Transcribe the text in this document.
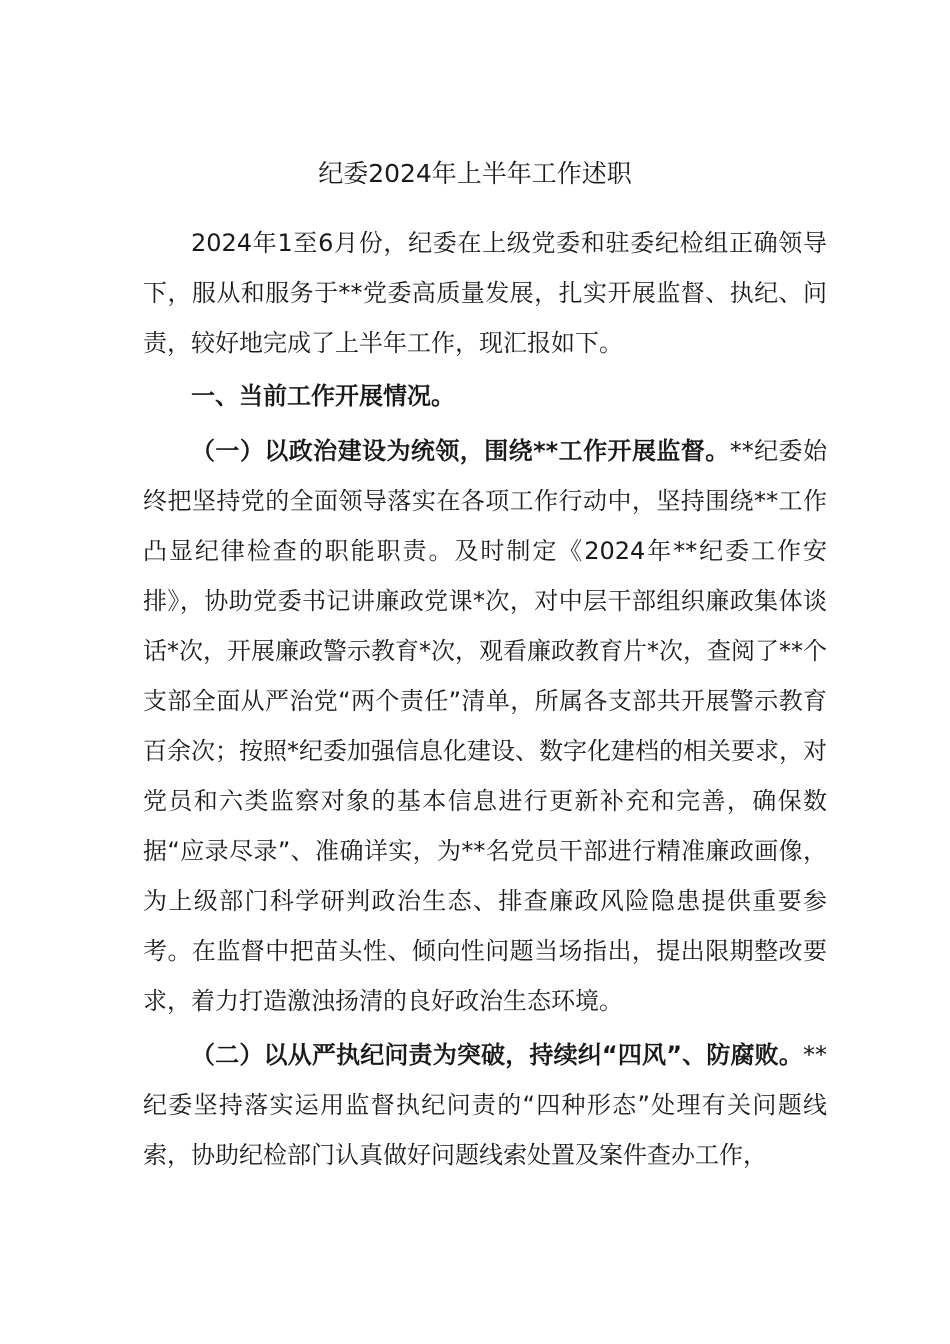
纪委2024年上半年工作述职

2024年1至6月份，纪委在上级党委和驻委纪检组正确领导下，服从和服务于**党委高质量发展，扎实开展监督、执纪、问责，较好地完成了上半年工作，现汇报如下。

一、当前工作开展情况。

（一）以政治建设为统领，围绕**工作开展监督。**纪委始终把坚持党的全面领导落实在各项工作行动中，坚持围绕**工作凸显纪律检查的职能职责。及时制定《2024年**纪委工作安排》，协助党委书记讲廉政党课*次，对中层干部组织廉政集体谈话*次，开展廉政警示教育*次，观看廉政教育片*次，查阅了**个支部全面从严治党“两个责任”清单，所属各支部共开展警示教育百余次；按照*纪委加强信息化建设、数字化建档的相关要求，对党员和六类监察对象的基本信息进行更新补充和完善，确保数据“应录尽录”、准确详实，为**名党员干部进行精准廉政画像，为上级部门科学研判政治生态、排查廉政风险隐患提供重要参考。在监督中把苗头性、倾向性问题当场指出，提出限期整改要求，着力打造激浊扬清的良好政治生态环境。

（二）以从严执纪问责为突破，持续纠“四风”、防腐败。**纪委坚持落实运用监督执纪问责的“四种形态”处理有关问题线索，协助纪检部门认真做好问题线索处置及案件查办工作，
